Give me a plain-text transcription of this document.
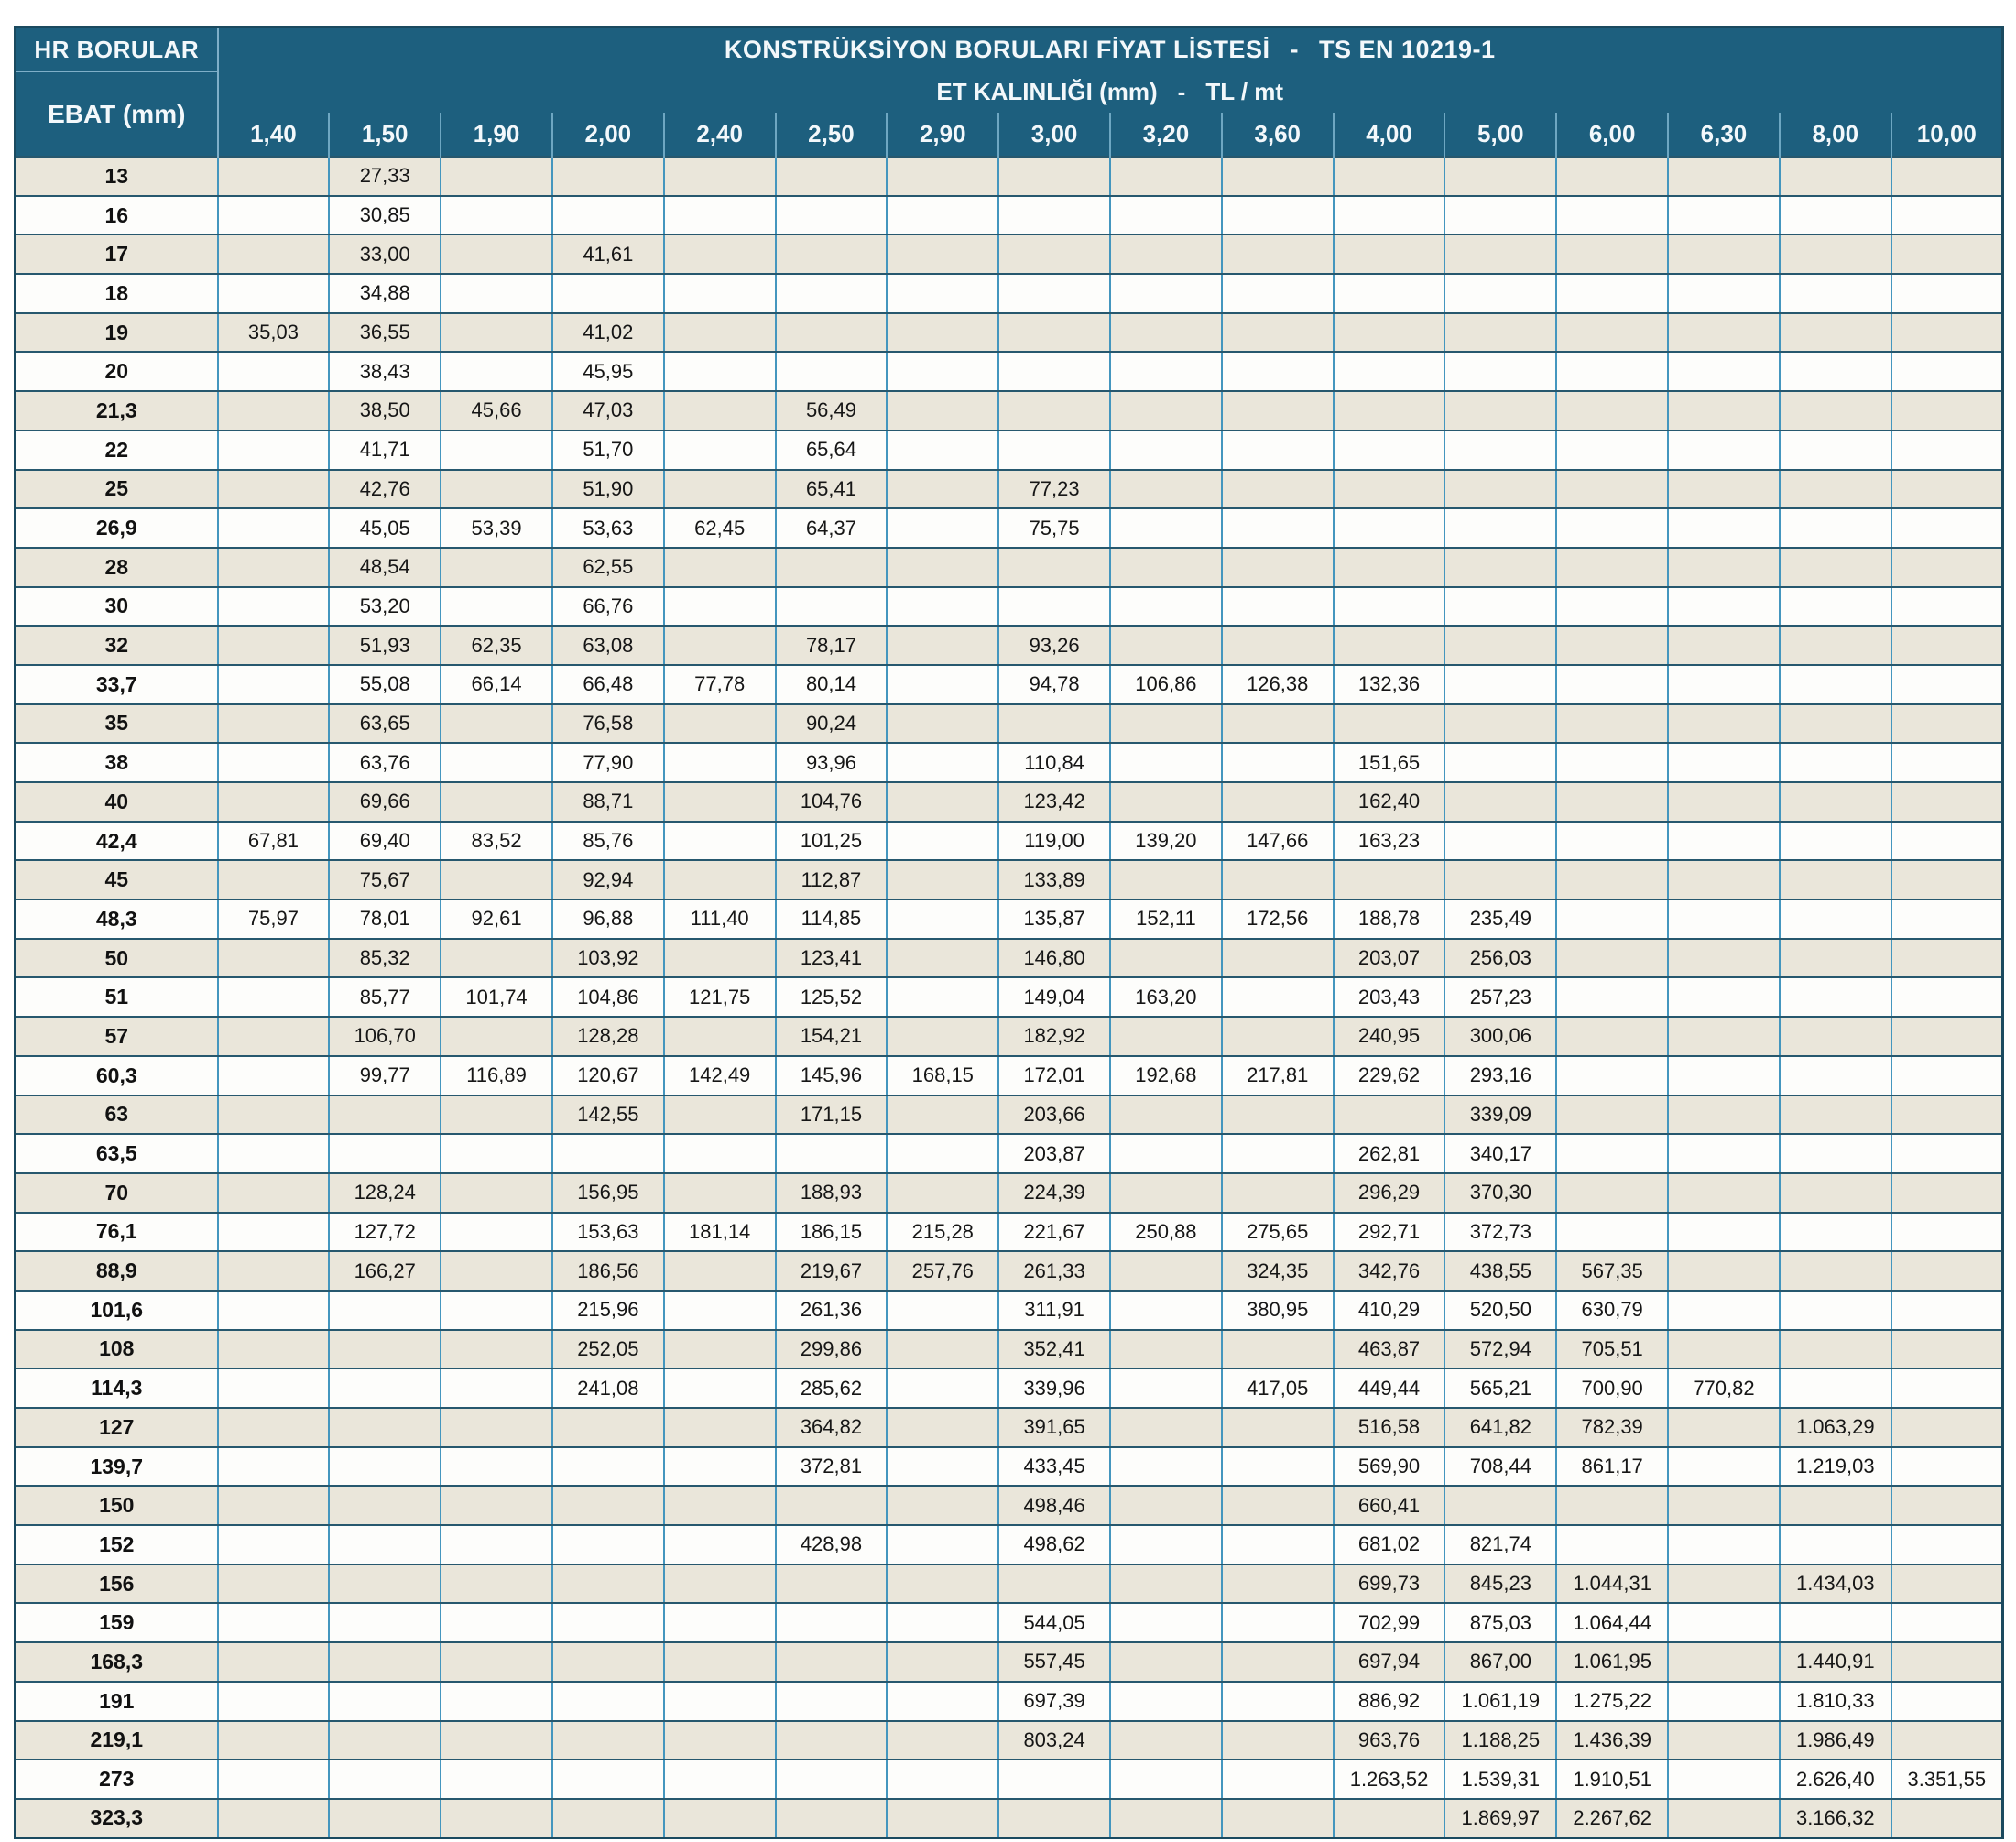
HR BORULAR	KONSTRÜKSİYON BORULARI FİYAT LİSTESİ - TS EN 10219-1															
EBAT (mm)	ET KALINLIĞI (mm) - TL / mt															
	1,40	1,50	1,90	2,00	2,40	2,50	2,90	3,00	3,20	3,60	4,00	5,00	6,00	6,30	8,00	10,00
13		27,33														
16		30,85														
17		33,00		41,61												
18		34,88														
19	35,03	36,55		41,02												
20		38,43		45,95												
21,3		38,50	45,66	47,03		56,49										
22		41,71		51,70		65,64										
25		42,76		51,90		65,41		77,23								
26,9		45,05	53,39	53,63	62,45	64,37		75,75								
28		48,54		62,55												
30		53,20		66,76												
32		51,93	62,35	63,08		78,17		93,26								
33,7		55,08	66,14	66,48	77,78	80,14		94,78	106,86	126,38	132,36					
35		63,65		76,58		90,24										
38		63,76		77,90		93,96		110,84			151,65					
40		69,66		88,71		104,76		123,42			162,40					
42,4	67,81	69,40	83,52	85,76		101,25		119,00	139,20	147,66	163,23					
45		75,67		92,94		112,87		133,89								
48,3	75,97	78,01	92,61	96,88	111,40	114,85		135,87	152,11	172,56	188,78	235,49				
50		85,32		103,92		123,41		146,80			203,07	256,03				
51		85,77	101,74	104,86	121,75	125,52		149,04	163,20		203,43	257,23				
57		106,70		128,28		154,21		182,92			240,95	300,06				
60,3		99,77	116,89	120,67	142,49	145,96	168,15	172,01	192,68	217,81	229,62	293,16				
63				142,55		171,15		203,66				339,09				
63,5								203,87			262,81	340,17				
70		128,24		156,95		188,93		224,39			296,29	370,30				
76,1		127,72		153,63	181,14	186,15	215,28	221,67	250,88	275,65	292,71	372,73				
88,9		166,27		186,56		219,67	257,76	261,33		324,35	342,76	438,55	567,35			
101,6				215,96		261,36		311,91		380,95	410,29	520,50	630,79			
108				252,05		299,86		352,41			463,87	572,94	705,51			
114,3				241,08		285,62		339,96		417,05	449,44	565,21	700,90	770,82		
127						364,82		391,65			516,58	641,82	782,39		1.063,29	
139,7						372,81		433,45			569,90	708,44	861,17		1.219,03	
150								498,46			660,41					
152						428,98		498,62			681,02	821,74				
156											699,73	845,23	1.044,31		1.434,03	
159								544,05			702,99	875,03	1.064,44			
168,3								557,45			697,94	867,00	1.061,95		1.440,91	
191								697,39			886,92	1.061,19	1.275,22		1.810,33	
219,1								803,24			963,76	1.188,25	1.436,39		1.986,49	
273											1.263,52	1.539,31	1.910,51		2.626,40	3.351,55
323,3												1.869,97	2.267,62		3.166,32	
